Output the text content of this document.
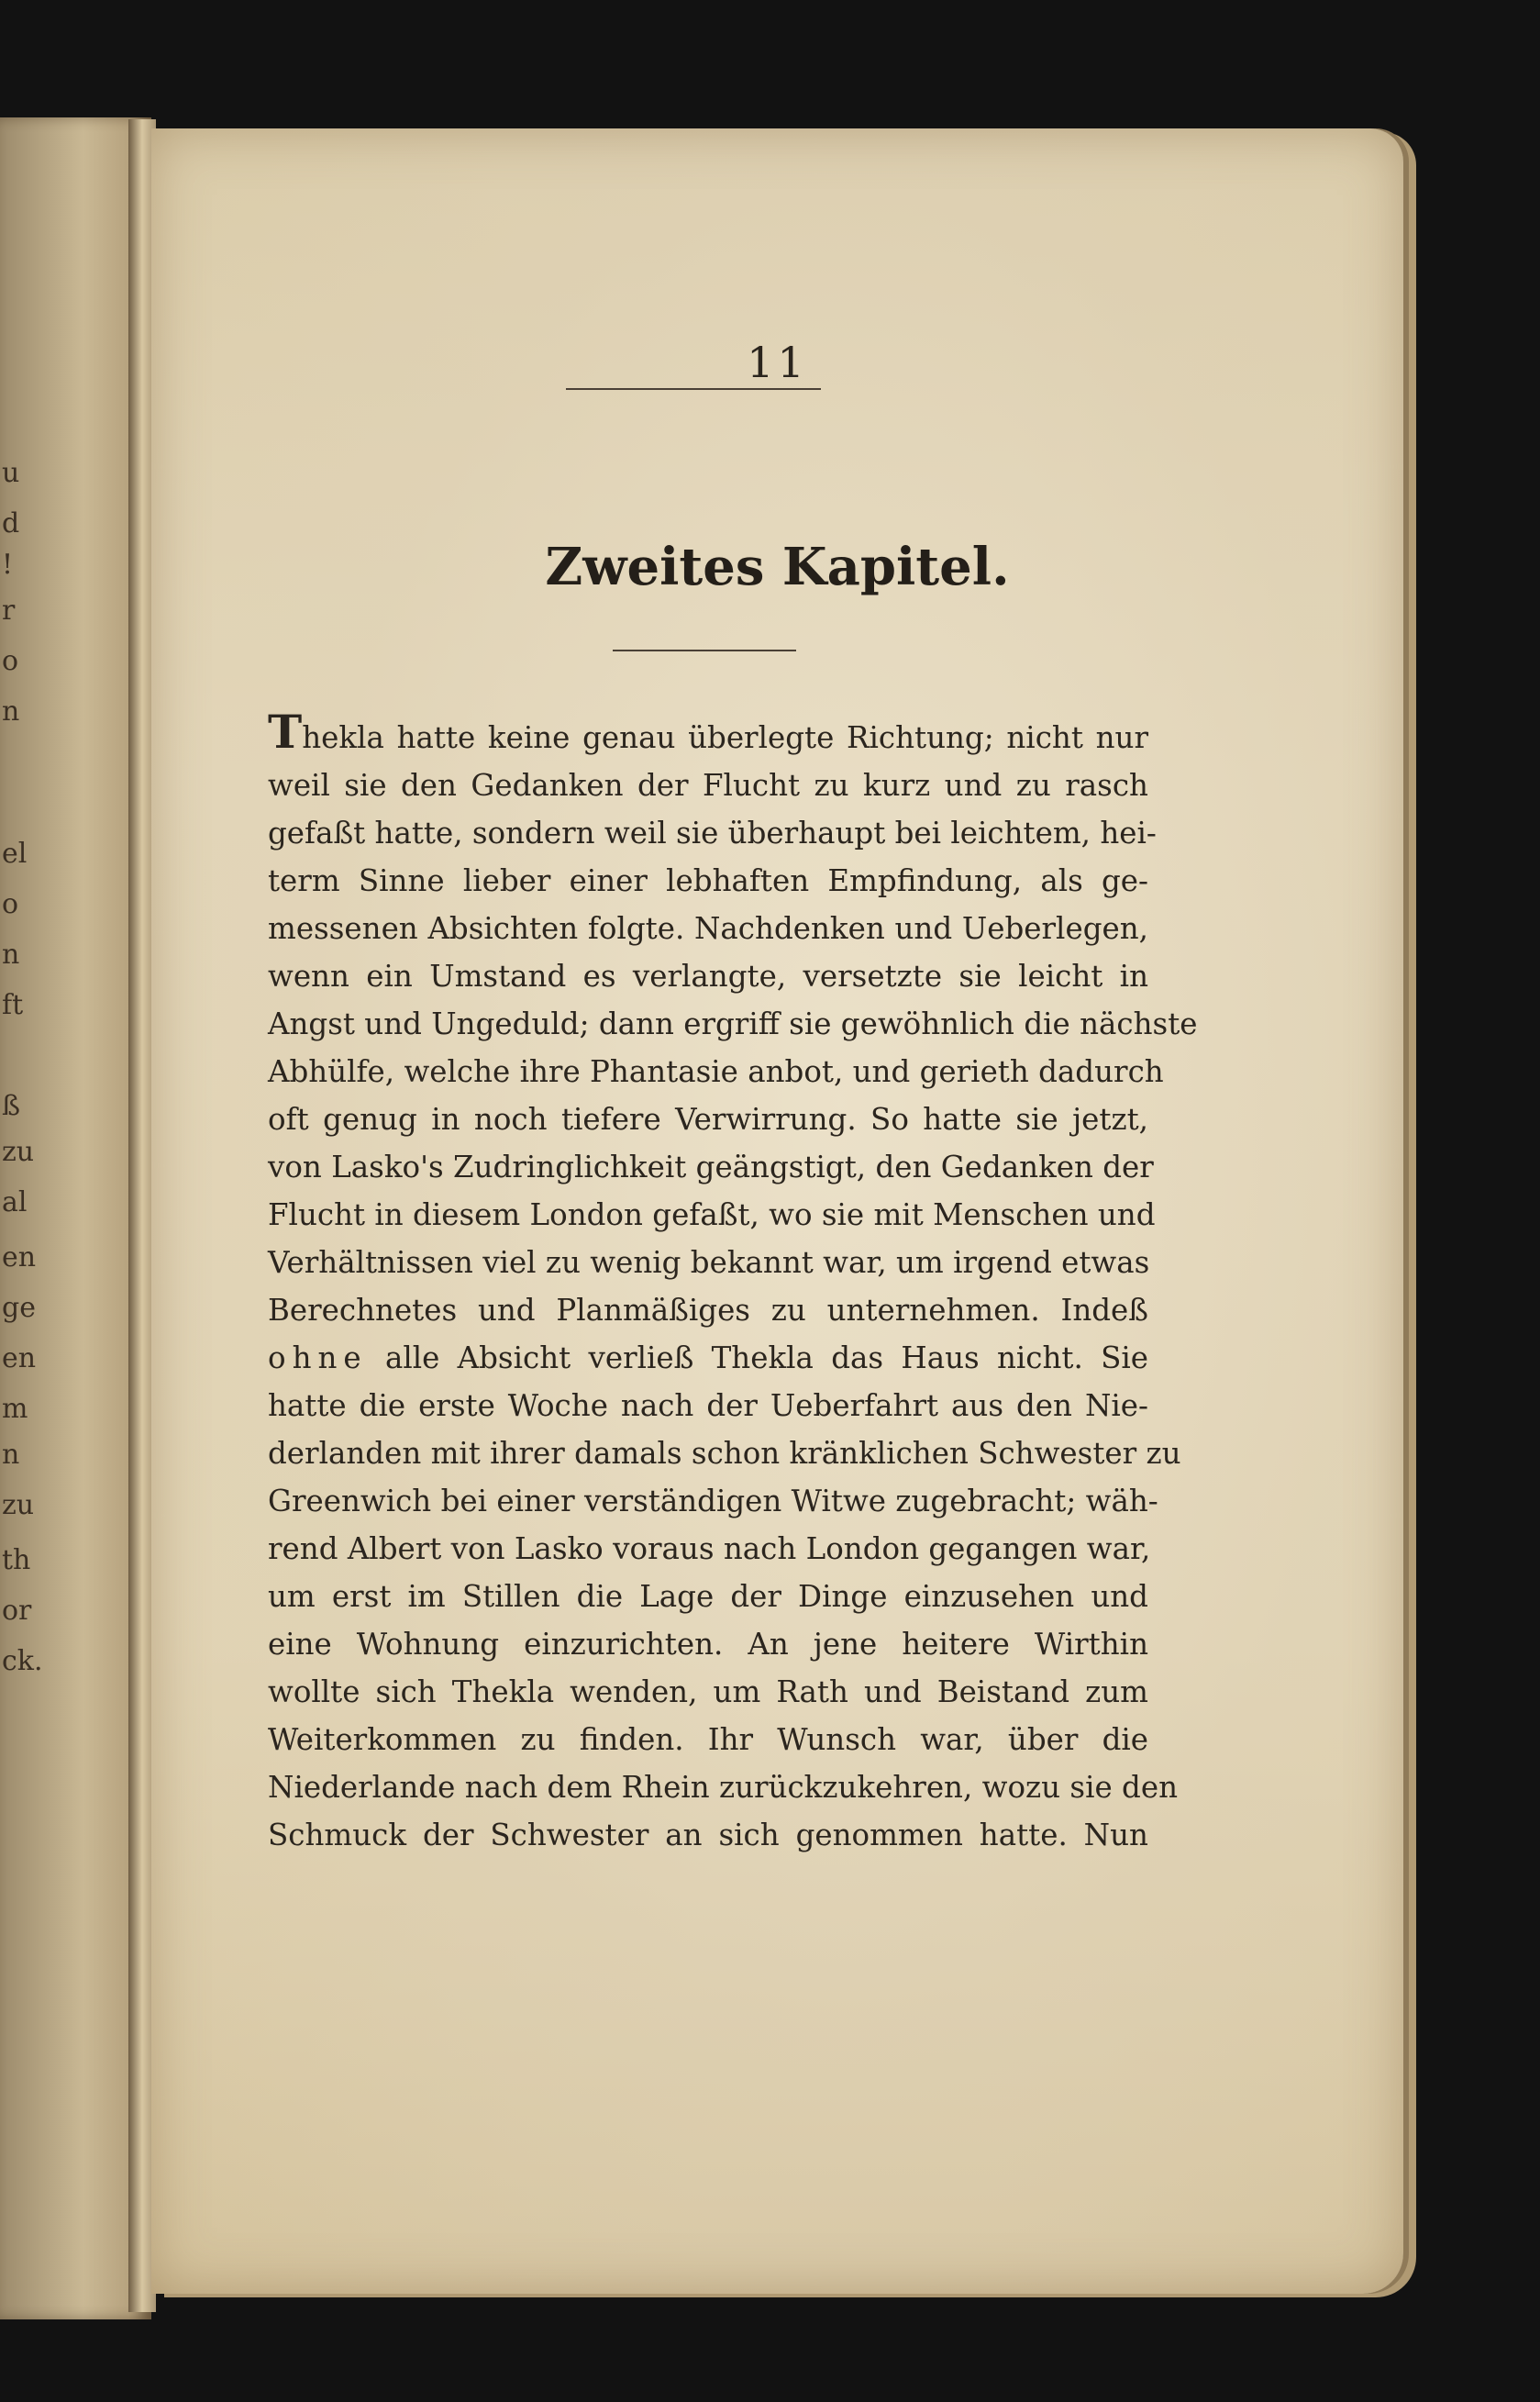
u
d
!
r
o
n
el
o
n
ft
ß
zu
al
en
ge
en
m
n
zu
th
or
ck.
11
Zweites Kapitel.
Thekla hatte keine genau überlegte Richtung; nicht nur
weil sie den Gedanken der Flucht zu kurz und zu rasch
gefaßt hatte, sondern weil sie überhaupt bei leichtem, hei-
term Sinne lieber einer lebhaften Empfindung, als ge-
messenen Absichten folgte. Nachdenken und Ueberlegen,
wenn ein Umstand es verlangte, versetzte sie leicht in
Angst und Ungeduld; dann ergriff sie gewöhnlich die nächste
Abhülfe, welche ihre Phantasie anbot, und gerieth dadurch
oft genug in noch tiefere Verwirrung. So hatte sie jetzt,
von Lasko's Zudringlichkeit geängstigt, den Gedanken der
Flucht in diesem London gefaßt, wo sie mit Menschen und
Verhältnissen viel zu wenig bekannt war, um irgend etwas
Berechnetes und Planmäßiges zu unternehmen. Indeß
ohne alle Absicht verließ Thekla das Haus nicht. Sie
hatte die erste Woche nach der Ueberfahrt aus den Nie-
derlanden mit ihrer damals schon kränklichen Schwester zu
Greenwich bei einer verständigen Witwe zugebracht; wäh-
rend Albert von Lasko voraus nach London gegangen war,
um erst im Stillen die Lage der Dinge einzusehen und
eine Wohnung einzurichten. An jene heitere Wirthin
wollte sich Thekla wenden, um Rath und Beistand zum
Weiterkommen zu finden. Ihr Wunsch war, über die
Niederlande nach dem Rhein zurückzukehren, wozu sie den
Schmuck der Schwester an sich genommen hatte. Nun
